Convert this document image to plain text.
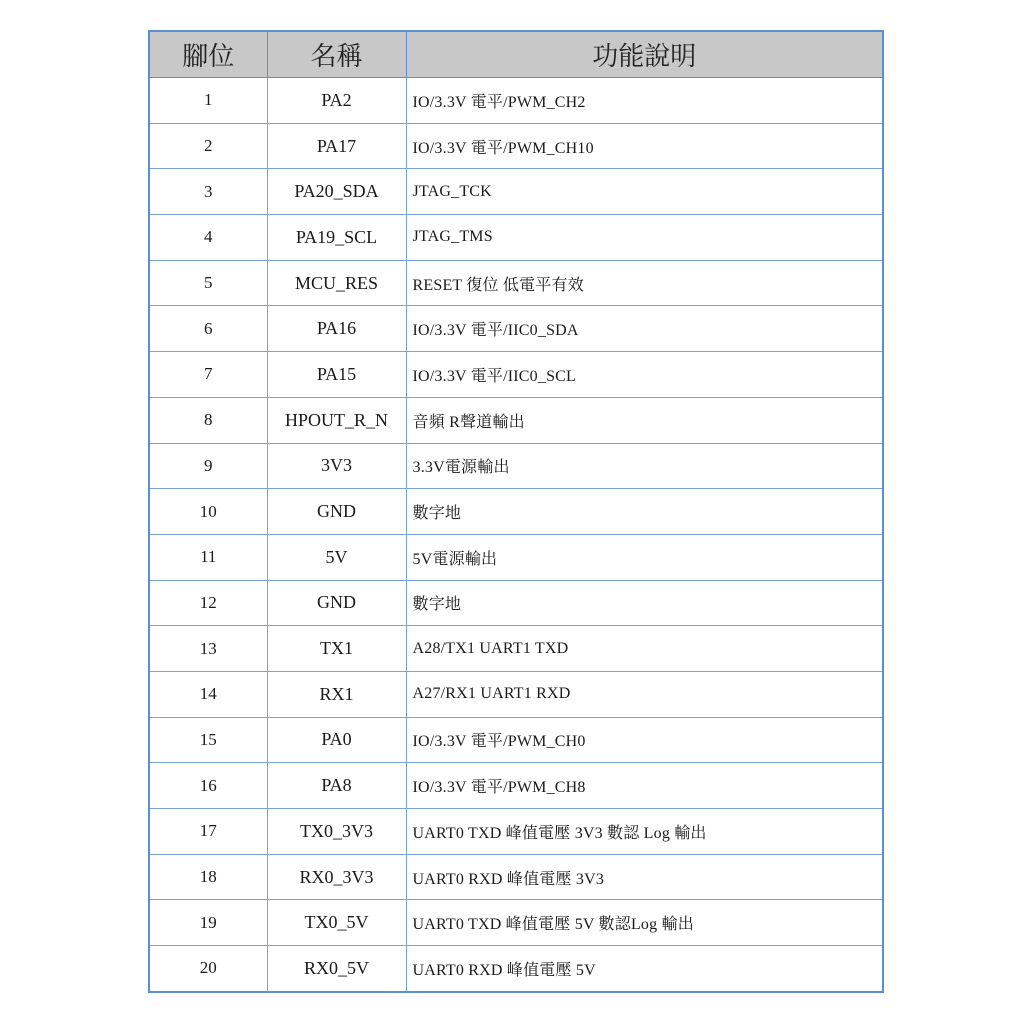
腳位	名稱	功能說明
1	PA2	IO/3.3V 電平/PWM_CH2
2	PA17	IO/3.3V 電平/PWM_CH10
3	PA20_SDA	JTAG_TCK
4	PA19_SCL	JTAG_TMS
5	MCU_RES	RESET 復位 低電平有效
6	PA16	IO/3.3V 電平/IIC0_SDA
7	PA15	IO/3.3V 電平/IIC0_SCL
8	HPOUT_R_N	音頻 R聲道輸出
9	3V3	3.3V電源輸出
10	GND	數字地
11	5V	5V電源輸出
12	GND	數字地
13	TX1	A28/TX1 UART1 TXD
14	RX1	A27/RX1 UART1 RXD
15	PA0	IO/3.3V 電平/PWM_CH0
16	PA8	IO/3.3V 電平/PWM_CH8
17	TX0_3V3	UART0 TXD 峰值電壓 3V3 數認 Log 輸出
18	RX0_3V3	UART0 RXD 峰值電壓 3V3
19	TX0_5V	UART0 TXD 峰值電壓 5V 數認Log 輸出
20	RX0_5V	UART0 RXD 峰值電壓 5V
